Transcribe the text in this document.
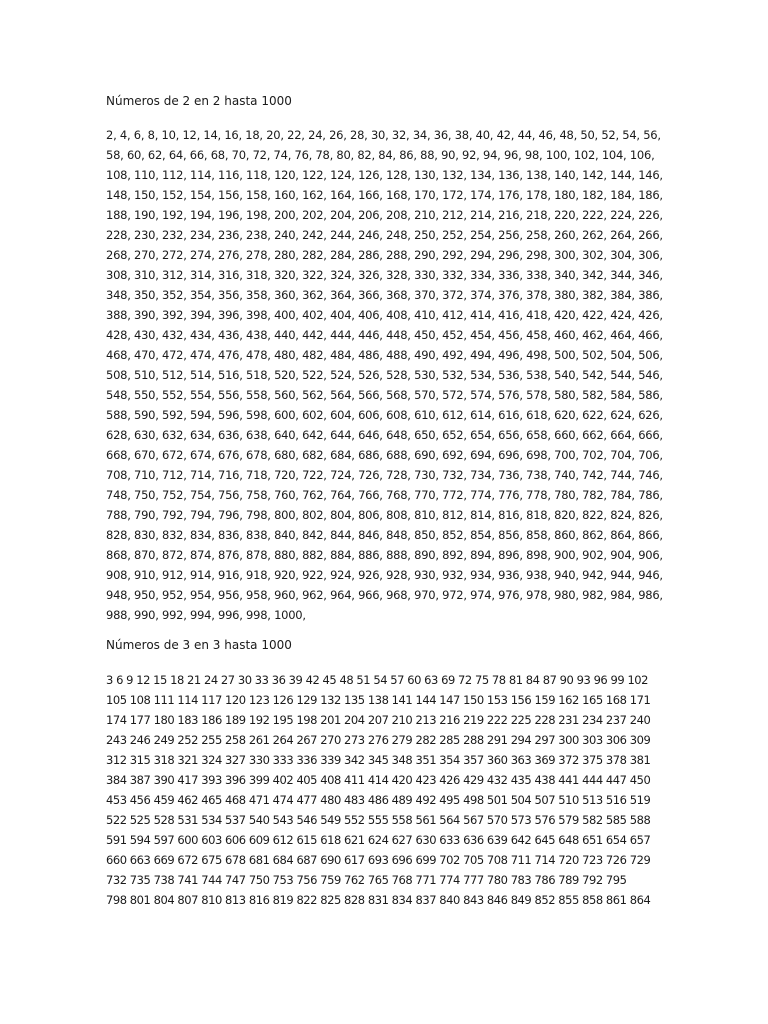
Números de 2 en 2 hasta 1000
2, 4, 6, 8, 10, 12, 14, 16, 18, 20, 22, 24, 26, 28, 30, 32, 34, 36, 38, 40, 42, 44, 46, 48, 50, 52, 54, 56,
58, 60, 62, 64, 66, 68, 70, 72, 74, 76, 78, 80, 82, 84, 86, 88, 90, 92, 94, 96, 98, 100, 102, 104, 106,
108, 110, 112, 114, 116, 118, 120, 122, 124, 126, 128, 130, 132, 134, 136, 138, 140, 142, 144, 146,
148, 150, 152, 154, 156, 158, 160, 162, 164, 166, 168, 170, 172, 174, 176, 178, 180, 182, 184, 186,
188, 190, 192, 194, 196, 198, 200, 202, 204, 206, 208, 210, 212, 214, 216, 218, 220, 222, 224, 226,
228, 230, 232, 234, 236, 238, 240, 242, 244, 246, 248, 250, 252, 254, 256, 258, 260, 262, 264, 266,
268, 270, 272, 274, 276, 278, 280, 282, 284, 286, 288, 290, 292, 294, 296, 298, 300, 302, 304, 306,
308, 310, 312, 314, 316, 318, 320, 322, 324, 326, 328, 330, 332, 334, 336, 338, 340, 342, 344, 346,
348, 350, 352, 354, 356, 358, 360, 362, 364, 366, 368, 370, 372, 374, 376, 378, 380, 382, 384, 386,
388, 390, 392, 394, 396, 398, 400, 402, 404, 406, 408, 410, 412, 414, 416, 418, 420, 422, 424, 426,
428, 430, 432, 434, 436, 438, 440, 442, 444, 446, 448, 450, 452, 454, 456, 458, 460, 462, 464, 466,
468, 470, 472, 474, 476, 478, 480, 482, 484, 486, 488, 490, 492, 494, 496, 498, 500, 502, 504, 506,
508, 510, 512, 514, 516, 518, 520, 522, 524, 526, 528, 530, 532, 534, 536, 538, 540, 542, 544, 546,
548, 550, 552, 554, 556, 558, 560, 562, 564, 566, 568, 570, 572, 574, 576, 578, 580, 582, 584, 586,
588, 590, 592, 594, 596, 598, 600, 602, 604, 606, 608, 610, 612, 614, 616, 618, 620, 622, 624, 626,
628, 630, 632, 634, 636, 638, 640, 642, 644, 646, 648, 650, 652, 654, 656, 658, 660, 662, 664, 666,
668, 670, 672, 674, 676, 678, 680, 682, 684, 686, 688, 690, 692, 694, 696, 698, 700, 702, 704, 706,
708, 710, 712, 714, 716, 718, 720, 722, 724, 726, 728, 730, 732, 734, 736, 738, 740, 742, 744, 746,
748, 750, 752, 754, 756, 758, 760, 762, 764, 766, 768, 770, 772, 774, 776, 778, 780, 782, 784, 786,
788, 790, 792, 794, 796, 798, 800, 802, 804, 806, 808, 810, 812, 814, 816, 818, 820, 822, 824, 826,
828, 830, 832, 834, 836, 838, 840, 842, 844, 846, 848, 850, 852, 854, 856, 858, 860, 862, 864, 866,
868, 870, 872, 874, 876, 878, 880, 882, 884, 886, 888, 890, 892, 894, 896, 898, 900, 902, 904, 906,
908, 910, 912, 914, 916, 918, 920, 922, 924, 926, 928, 930, 932, 934, 936, 938, 940, 942, 944, 946,
948, 950, 952, 954, 956, 958, 960, 962, 964, 966, 968, 970, 972, 974, 976, 978, 980, 982, 984, 986,
988, 990, 992, 994, 996, 998, 1000,
Números de 3 en 3 hasta 1000
3 6 9 12 15 18 21 24 27 30 33 36 39 42 45 48 51 54 57 60 63 69 72 75 78 81 84 87 90 93 96 99 102
105 108 111 114 117 120 123 126 129 132 135 138 141 144 147 150 153 156 159 162 165 168 171
174 177 180 183 186 189 192 195 198 201 204 207 210 213 216 219 222 225 228 231 234 237 240
243 246 249 252 255 258 261 264 267 270 273 276 279 282 285 288 291 294 297 300 303 306 309
312 315 318 321 324 327 330 333 336 339 342 345 348 351 354 357 360 363 369 372 375 378 381
384 387 390 417 393 396 399 402 405 408 411 414 420 423 426 429 432 435 438 441 444 447 450
453 456 459 462 465 468 471 474 477 480 483 486 489 492 495 498 501 504 507 510 513 516 519
522 525 528 531 534 537 540 543 546 549 552 555 558 561 564 567 570 573 576 579 582 585 588
591 594 597 600 603 606 609 612 615 618 621 624 627 630 633 636 639 642 645 648 651 654 657
660 663 669 672 675 678 681 684 687 690 617 693 696 699 702 705 708 711 714 720 723 726 729
732 735 738 741 744 747 750 753 756 759 762 765 768 771 774 777 780 783 786 789 792 795
798 801 804 807 810 813 816 819 822 825 828 831 834 837 840 843 846 849 852 855 858 861 864
